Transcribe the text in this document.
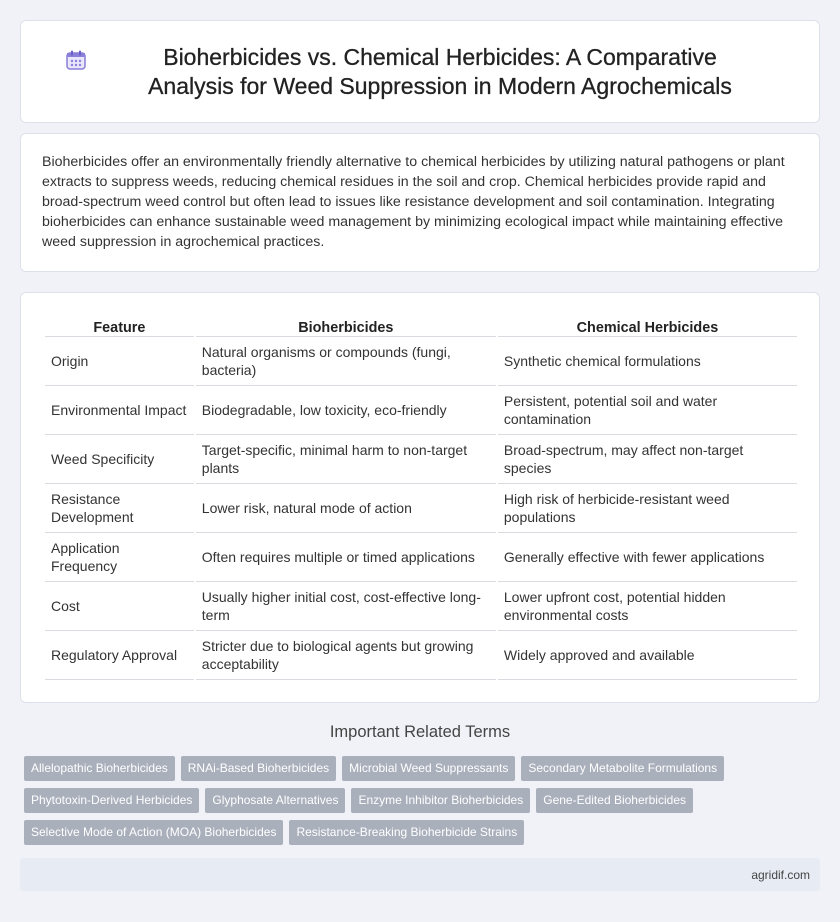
Bioherbicides vs. Chemical Herbicides: A Comparative Analysis for Weed Suppression in Modern Agrochemicals

Bioherbicides offer an environmentally friendly alternative to chemical herbicides by utilizing natural pathogens or plant extracts to suppress weeds, reducing chemical residues in the soil and crop. Chemical herbicides provide rapid and broad-spectrum weed control but often lead to issues like resistance development and soil contamination. Integrating bioherbicides can enhance sustainable weed management by minimizing ecological impact while maintaining effective weed suppression in agrochemical practices.

Feature	Bioherbicides	Chemical Herbicides
Origin	Natural organisms or compounds (fungi, bacteria)	Synthetic chemical formulations
Environmental Impact	Biodegradable, low toxicity, eco-friendly	Persistent, potential soil and water contamination
Weed Specificity	Target-specific, minimal harm to non-target plants	Broad-spectrum, may affect non-target species
Resistance Development	Lower risk, natural mode of action	High risk of herbicide-resistant weed populations
Application Frequency	Often requires multiple or timed applications	Generally effective with fewer applications
Cost	Usually higher initial cost, cost-effective long-term	Lower upfront cost, potential hidden environmental costs
Regulatory Approval	Stricter due to biological agents but growing acceptability	Widely approved and available
Important Related Terms
Allelopathic Bioherbicides	RNAi-Based Bioherbicides	Microbial Weed Suppressants	Secondary Metabolite Formulations
Phytotoxin-Derived Herbicides	Glyphosate Alternatives	Enzyme Inhibitor Bioherbicides	Gene-Edited Bioherbicides
Selective Mode of Action (MOA) Bioherbicides	Resistance-Breaking Bioherbicide Strains
agridif.com
